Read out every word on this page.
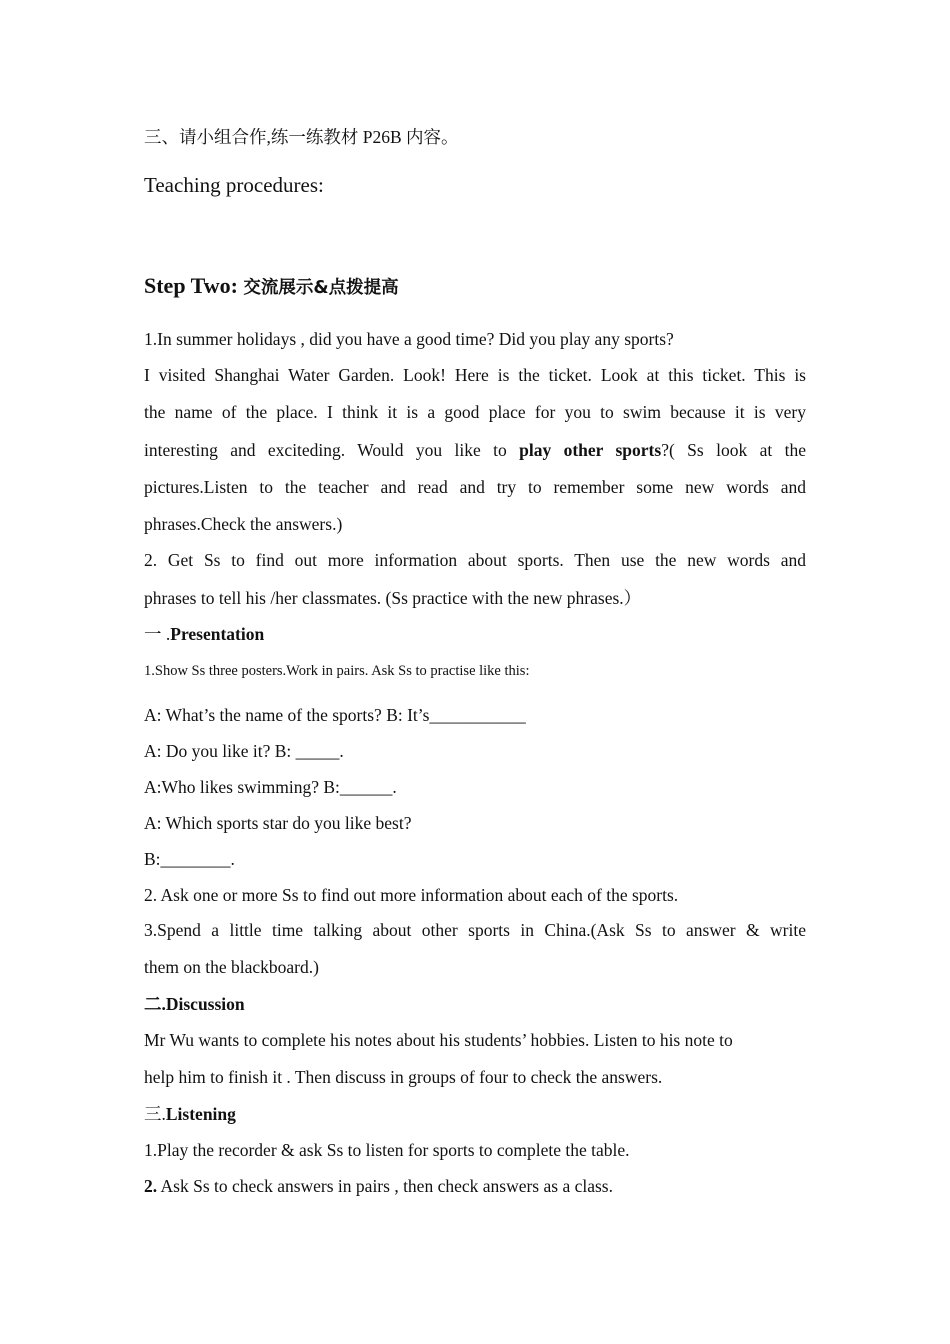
三、请小组合作,练一练教材 P26B 内容。
Teaching procedures:
Step Two: 交流展示&点拨提高
1.In summer holidays , did you have a good time? Did you play any sports?
I visited Shanghai Water Garden. Look! Here is the ticket. Look at this ticket. This is
the name of the place. I think it is a good place for you to swim because it is very
interesting and exciteding. Would you like to play other sports?( Ss look at the
pictures.Listen to the teacher and read and try to remember some new words and
phrases.Check the answers.)
2. Get Ss to find out more information about sports. Then use the new words and
phrases to tell his /her classmates. (Ss practice with the new phrases.）
一 .Presentation
1.Show Ss three posters.Work in pairs. Ask Ss to practise like this:
A: What’s the name of the sports? B: It’s___________
A: Do you like it? B: _____.
A:Who likes swimming? B:______.
A: Which sports star do you like best?
B:________.
2. Ask one or more Ss to find out more information about each of the sports.
3.Spend a little time talking about other sports in China.(Ask Ss to answer & write
them on the blackboard.)
二.Discussion
Mr Wu wants to complete his notes about his students’ hobbies. Listen to his note to
help him to finish it . Then discuss in groups of four to check the answers.
三.Listening
1.Play the recorder & ask Ss to listen for sports to complete the table.
2. Ask Ss to check answers in pairs , then check answers as a class.
